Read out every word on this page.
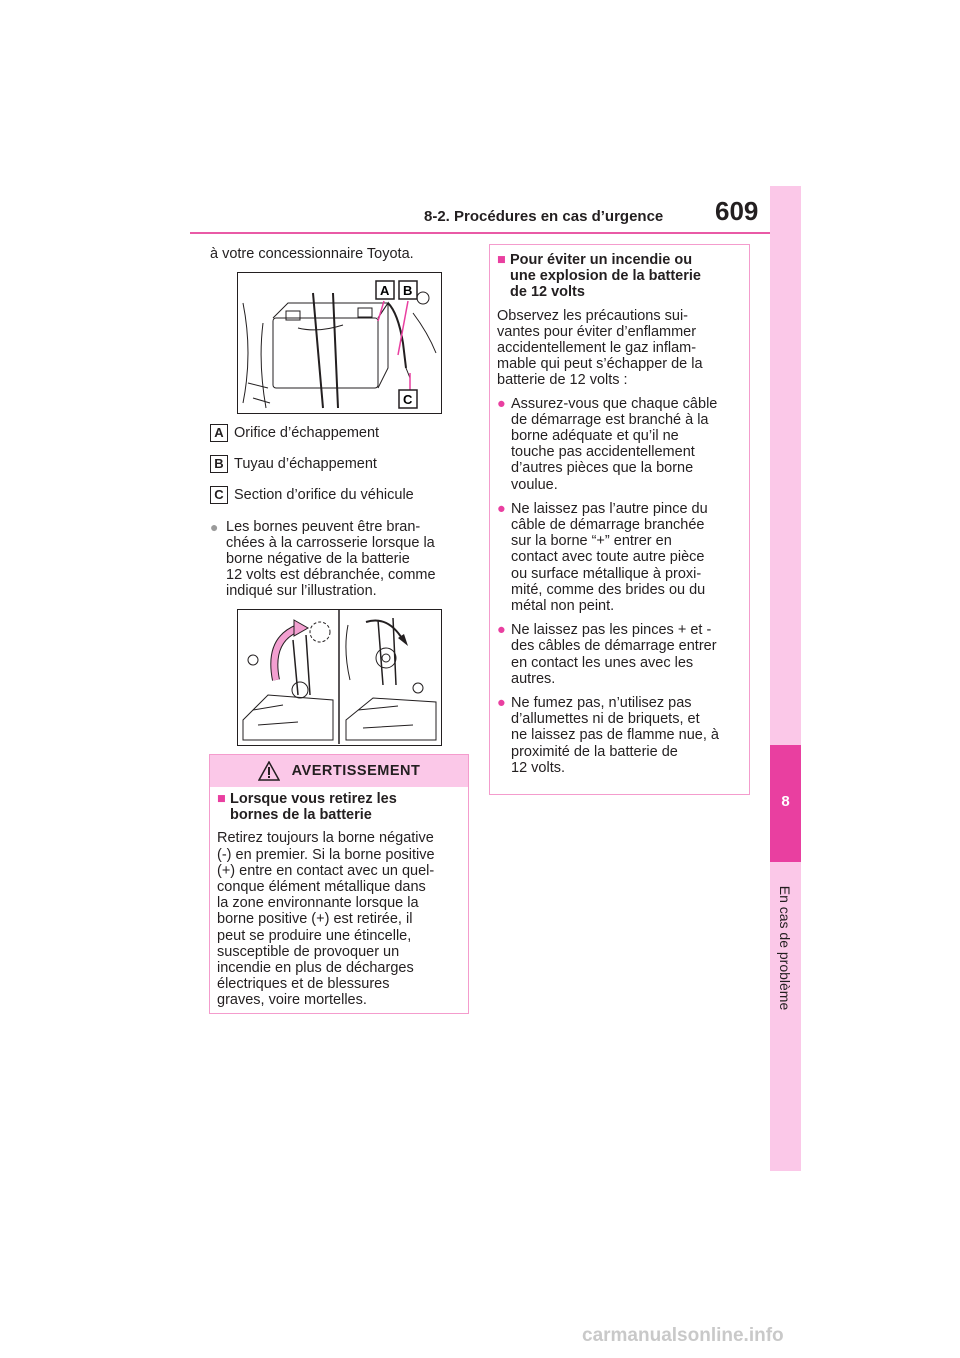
8-2. Procédures en cas d’urgence 609
8
En cas de problème
à votre concessionnaire Toyota.
A B
C
A Orifice d’échappement
B Tuyau d’échappement
C Section d’orifice du véhicule
● Les bornes peuvent être bran-
chées à la carrosserie lorsque la
borne négative de la batterie
12 volts est débranchée, comme
indiqué sur l’illustration.
AVERTISSEMENT
■ Lorsque vous retirez les
bornes de la batterie
Retirez toujours la borne négative
(-) en premier. Si la borne positive
(+) entre en contact avec un quel-
conque élément métallique dans
la zone environnante lorsque la
borne positive (+) est retirée, il
peut se produire une étincelle,
susceptible de provoquer un
incendie en plus de décharges
électriques et de blessures
graves, voire mortelles.
■ Pour éviter un incendie ou
une explosion de la batterie
de 12 volts
Observez les précautions sui-
vantes pour éviter d’enflammer
accidentellement le gaz inflam-
mable qui peut s’échapper de la
batterie de 12 volts :
● Assurez-vous que chaque câble
de démarrage est branché à la
borne adéquate et qu’il ne
touche pas accidentellement
d’autres pièces que la borne
voulue.
● Ne laissez pas l’autre pince du
câble de démarrage branchée
sur la borne “+” entrer en
contact avec toute autre pièce
ou surface métallique à proxi-
mité, comme des brides ou du
métal non peint.
● Ne laissez pas les pinces + et -
des câbles de démarrage entrer
en contact les unes avec les
autres.
● Ne fumez pas, n’utilisez pas
d’allumettes ni de briquets, et
ne laissez pas de flamme nue, à
proximité de la batterie de
12 volts.
carmanualsonline.info
